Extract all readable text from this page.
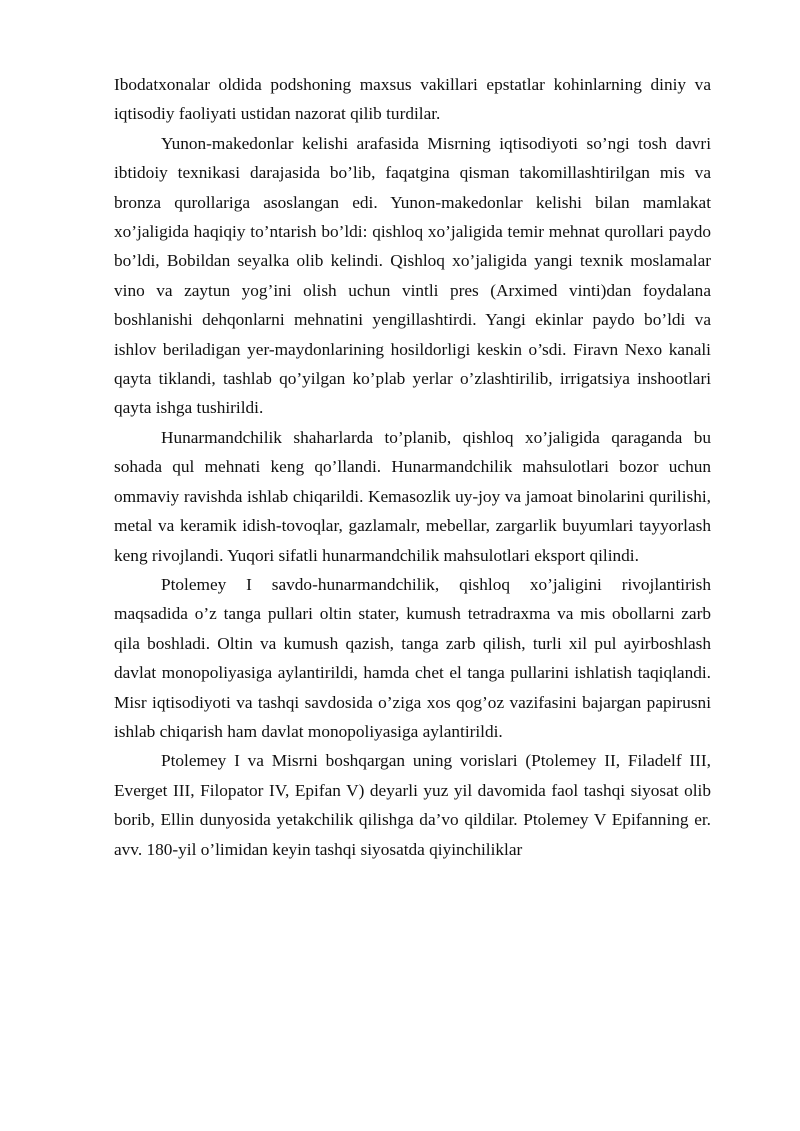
Ibodatxonalar oldida podshoning maxsus vakillari epstatlar kohinlarning diniy va iqtisodiy faoliyati ustidan nazorat qilib turdilar.

Yunon-makedonlar kelishi arafasida Misrning iqtisodiyoti so’ngi tosh davri ibtidoiy texnikasi darajasida bo’lib, faqatgina qisman takomillashtirilgan mis va bronza qurollariga asoslangan edi. Yunon-makedonlar kelishi bilan mamlakat xo’jaligida haqiqiy to’ntarish bo’ldi: qishloq xo’jaligida temir mehnat qurollari paydo bo’ldi, Bobildan seyalka olib kelindi. Qishloq xo’jaligida yangi texnik moslamalar vino va zaytun yog’ini olish uchun vintli pres (Arximed vinti)dan foydalana boshlanishi dehqonlarni mehnatini yengillashtirdi. Yangi ekinlar paydo bo’ldi va ishlov beriladigan yer-maydonlarining hosildorligi keskin o’sdi. Firavn Nexo kanali qayta tiklandi, tashlab qo’yilgan ko’plab yerlar o’zlashtirilib, irrigatsiya inshootlari qayta ishga tushirildi.

Hunarmandchilik shaharlarda to’planib, qishloq xo’jaligida qaraganda bu sohada qul mehnati keng qo’llandi. Hunarmandchilik mahsulotlari bozor uchun ommaviy ravishda ishlab chiqarildi. Kemasozlik uy-joy va jamoat binolarini qurilishi, metal va keramik idish-tovoqlar, gazlamalr, mebellar, zargarlik buyumlari tayyorlash keng rivojlandi. Yuqori sifatli hunarmandchilik mahsulotlari eksport qilindi.

Ptolemey I savdo-hunarmandchilik, qishloq xo’jaligini rivojlantirish maqsadida o’z tanga pullari oltin stater, kumush tetradraxma va mis obollarni zarb qila boshladi. Oltin va kumush qazish, tanga zarb qilish, turli xil pul ayirboshlash davlat monopoliyasiga aylantirildi, hamda chet el tanga pullarini ishlatish taqiqlandi. Misr iqtisodiyoti va tashqi savdosida o’ziga xos qog’oz vazifasini bajargan papirusni ishlab chiqarish ham davlat monopoliyasiga aylantirildi.

Ptolemey I va Misrni boshqargan uning vorislari (Ptolemey II, Filadelf III, Everget III, Filopator IV, Epifan V) deyarli yuz yil davomida faol tashqi siyosat olib borib, Ellin dunyosida yetakchilik qilishga da’vo qildilar. Ptolemey V Epifanning er. avv. 180-yil o’limidan keyin tashqi siyosatda qiyinchiliklar
